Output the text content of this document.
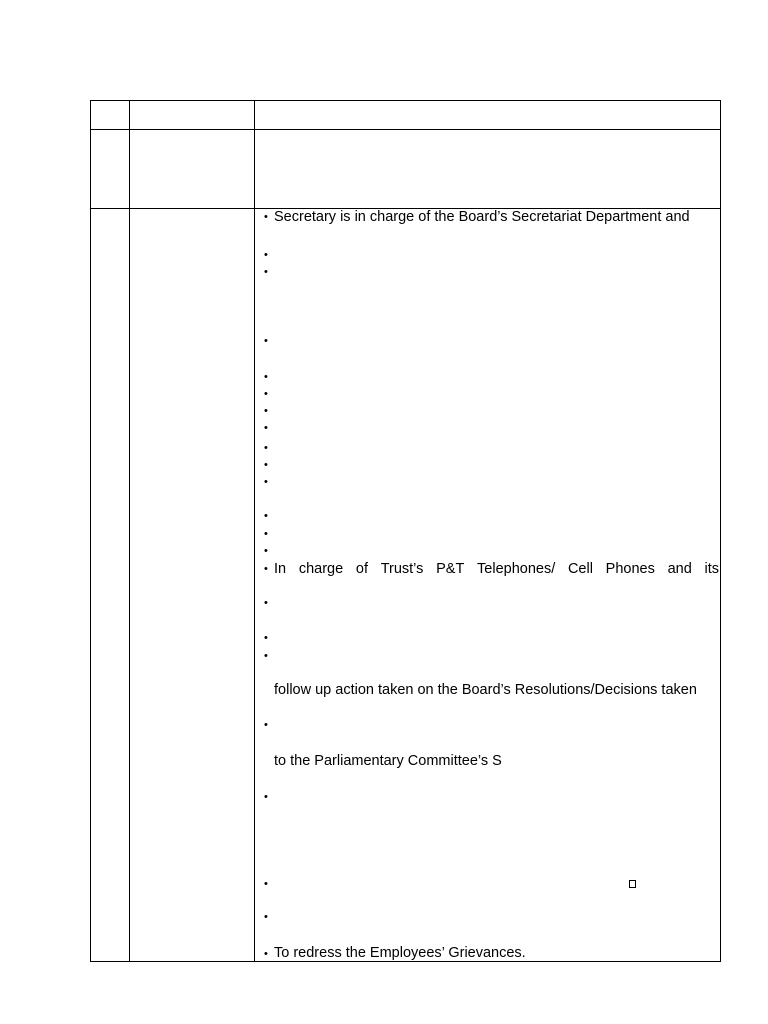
•
•
•
•
•
•
•
•
•
•
•
•
•
•
•
•
•
•
•
•
•
•
•
Secretary is in charge of the Board’s Secretariat Department and
In charge of Trust’s P&T Telephones/ Cell Phones and its
follow up action taken on the Board’s Resolutions/Decisions taken
to the Parliamentary Committee’s S
To redress the Employees’ Grievances.
